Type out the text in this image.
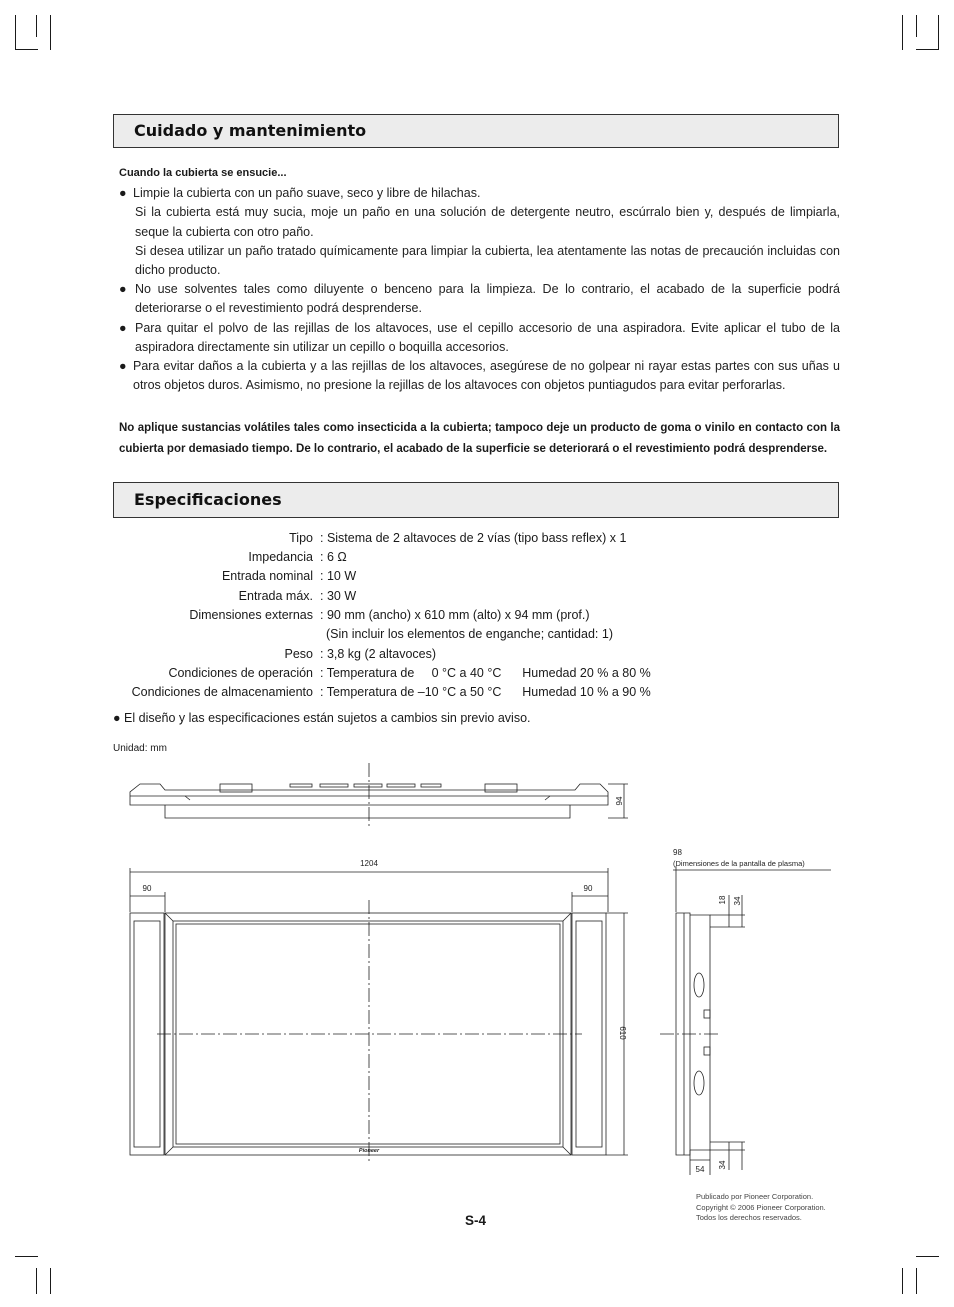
Cuidado y mantenimiento
Cuando la cubierta se ensucie...
● Limpie la cubierta con un paño suave, seco y libre de hilachas.
Si la cubierta está muy sucia, moje un paño en una solución de detergente neutro, escúrralo bien y, después de limpiarla, seque la cubierta con otro paño.
Si desea utilizar un paño tratado químicamente para limpiar la cubierta, lea atentamente las notas de precaución incluidas con dicho producto.
● No use solventes tales como diluyente o benceno para la limpieza. De lo contrario, el acabado de la superficie podrá deteriorarse o el revestimiento podrá desprenderse.
● Para quitar el polvo de las rejillas de los altavoces, use el cepillo accesorio de una aspiradora. Evite aplicar el tubo de la aspiradora directamente sin utilizar un cepillo o boquilla accesorios.
● Para evitar daños a la cubierta y a las rejillas de los altavoces, asegúrese de no golpear ni rayar estas partes con sus uñas u otros objetos duros. Asimismo, no presione la rejillas de los altavoces con objetos puntiagudos para evitar perforarlas.
No aplique sustancias volátiles tales como insecticida a la cubierta; tampoco deje un producto de goma o vinilo en contacto con la cubierta por demasiado tiempo. De lo contrario, el acabado de la superficie se deteriorará o el revestimiento podrá desprenderse.
Especificaciones
Tipo : Sistema de 2 altavoces de 2 vías (tipo bass reflex) x 1
Impedancia : 6 Ω
Entrada nominal : 10 W
Entrada máx. : 30 W
Dimensiones externas : 90 mm (ancho) x 610 mm (alto) x 94 mm (prof.)
(Sin incluir los elementos de enganche; cantidad: 1)
Peso : 3,8 kg (2 altavoces)
Condiciones de operación : Temperatura de     0 °C a 40 °C      Humedad 20 % a 80 %
Condiciones de almacenamiento : Temperatura de –10 °C a 50 °C      Humedad 10 % a 90 %
● El diseño y las especificaciones están sujetos a cambios sin previo aviso.
Unidad: mm
94
1204
90	90
610
98
(Dimensiones de la pantalla de plasma)
18 34
54 34
Pioneer
S-4
Publicado por Pioneer Corporation.
Copyright © 2006 Pioneer Corporation.
Todos los derechos reservados.
